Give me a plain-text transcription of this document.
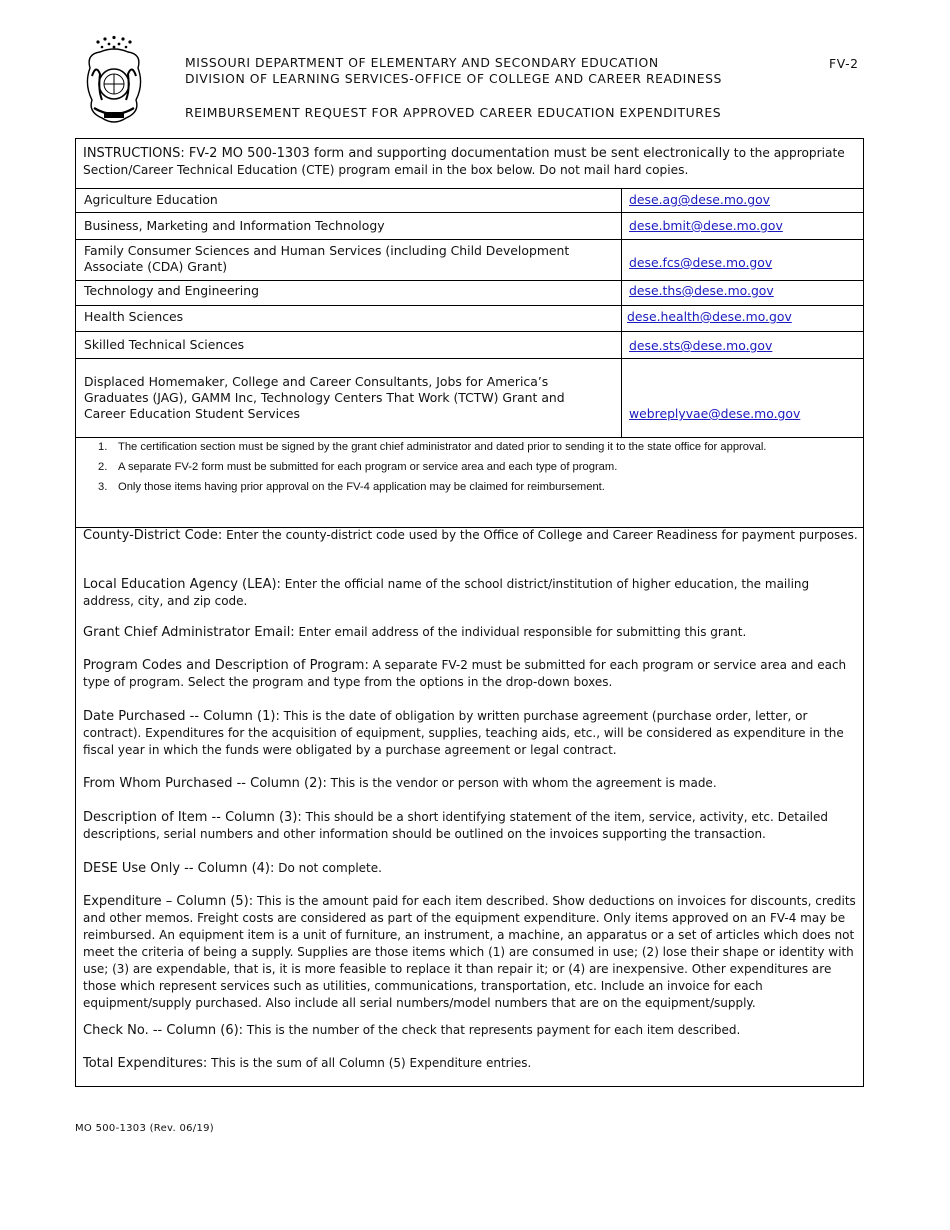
MISSOURI DEPARTMENT OF ELEMENTARY AND SECONDARY EDUCATION
DIVISION OF LEARNING SERVICES-OFFICE OF COLLEGE AND CAREER READINESS
REIMBURSEMENT REQUEST FOR APPROVED CAREER EDUCATION EXPENDITURES
FV-2
INSTRUCTIONS: FV-2 MO 500-1303 form and supporting documentation must be sent electronically to the appropriate Section/Career Technical Education (CTE) program email in the box below. Do not mail hard copies.
Agriculture Education	dese.ag@dese.mo.gov
Business, Marketing and Information Technology	dese.bmit@dese.mo.gov
Family Consumer Sciences and Human Services (including Child Development Associate (CDA) Grant)	dese.fcs@dese.mo.gov
Technology and Engineering	dese.ths@dese.mo.gov
Health Sciences	dese.health@dese.mo.gov
Skilled Technical Sciences	dese.sts@dese.mo.gov
Displaced Homemaker, College and Career Consultants, Jobs for America’s Graduates (JAG), GAMM Inc, Technology Centers That Work (TCTW) Grant and Career Education Student Services	webreplyvae@dese.mo.gov
1. The certification section must be signed by the grant chief administrator and dated prior to sending it to the state office for approval.
2. A separate FV-2 form must be submitted for each program or service area and each type of program.
3. Only those items having prior approval on the FV-4 application may be claimed for reimbursement.
County-District Code: Enter the county-district code used by the Office of College and Career Readiness for payment purposes.
Local Education Agency (LEA): Enter the official name of the school district/institution of higher education, the mailing address, city, and zip code.
Grant Chief Administrator Email: Enter email address of the individual responsible for submitting this grant.
Program Codes and Description of Program: A separate FV-2 must be submitted for each program or service area and each type of program. Select the program and type from the options in the drop-down boxes.
Date Purchased -- Column (1): This is the date of obligation by written purchase agreement (purchase order, letter, or contract). Expenditures for the acquisition of equipment, supplies, teaching aids, etc., will be considered as expenditure in the fiscal year in which the funds were obligated by a purchase agreement or legal contract.
From Whom Purchased -- Column (2): This is the vendor or person with whom the agreement is made.
Description of Item -- Column (3): This should be a short identifying statement of the item, service, activity, etc. Detailed descriptions, serial numbers and other information should be outlined on the invoices supporting the transaction.
DESE Use Only -- Column (4): Do not complete.
Expenditure – Column (5): This is the amount paid for each item described. Show deductions on invoices for discounts, credits and other memos. Freight costs are considered as part of the equipment expenditure. Only items approved on an FV-4 may be reimbursed. An equipment item is a unit of furniture, an instrument, a machine, an apparatus or a set of articles which does not meet the criteria of being a supply. Supplies are those items which (1) are consumed in use; (2) lose their shape or identity with use; (3) are expendable, that is, it is more feasible to replace it than repair it; or (4) are inexpensive. Other expenditures are those which represent services such as utilities, communications, transportation, etc. Include an invoice for each equipment/supply purchased. Also include all serial numbers/model numbers that are on the equipment/supply.
Check No. -- Column (6): This is the number of the check that represents payment for each item described.
Total Expenditures: This is the sum of all Column (5) Expenditure entries.
MO 500-1303 (Rev. 06/19)
